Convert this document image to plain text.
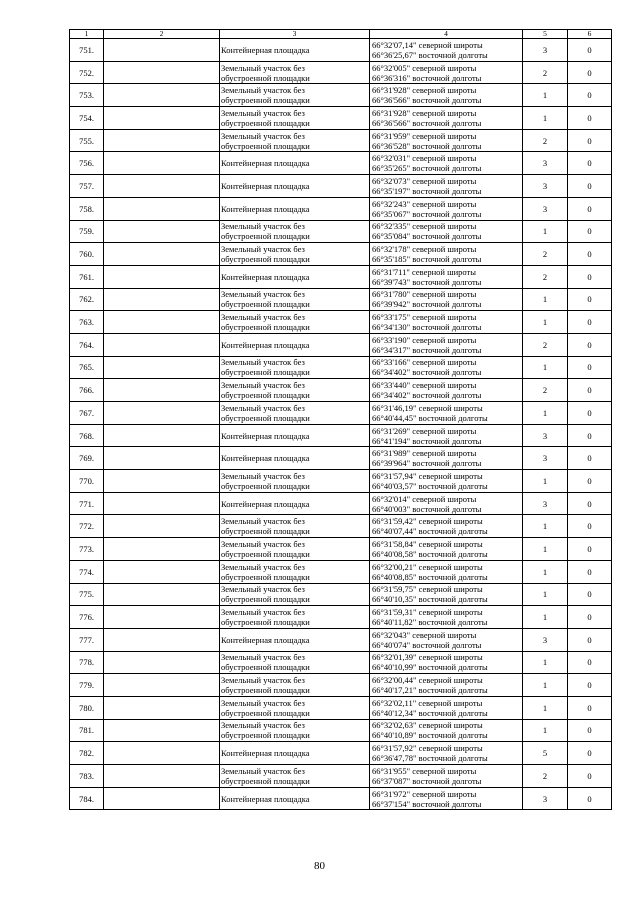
1	2	3	4	5	6
751.		Контейнерная площадка	66°32'07,14" северной широты
66°36'25,67" восточной долготы	3	0
752.		Земельный участок без
обустроенной площадки	66°32'005" северной широты
66°36'316" восточной долготы	2	0
753.		Земельный участок без
обустроенной площадки	66°31'928" северной широты
66°36'566" восточной долготы	1	0
754.		Земельный участок без
обустроенной площадки	66°31'928" северной широты
66°36'566" восточной долготы	1	0
755.		Земельный участок без
обустроенной площадки	66°31'959" северной широты
66°36'528" восточной долготы	2	0
756.		Контейнерная площадка	66°32'031" северной широты
66°35'265" восточной долготы	3	0
757.		Контейнерная площадка	66°32'073" северной широты
66°35'197" восточной долготы	3	0
758.		Контейнерная площадка	66°32'243" северной широты
66°35'067" восточной долготы	3	0
759.		Земельный участок без
обустроенной площадки	66°32'335" северной широты
66°35'084" восточной долготы	1	0
760.		Земельный участок без
обустроенной площадки	66°32'178" северной широты
66°35'185" восточной долготы	2	0
761.		Контейнерная площадка	66°31'711" северной широты
66°39'743" восточной долготы	2	0
762.		Земельный участок без
обустроенной площадки	66°31'780" северной широты
66°39'942" восточной долготы	1	0
763.		Земельный участок без
обустроенной площадки	66°33'175" северной широты
66°34'130" восточной долготы	1	0
764.		Контейнерная площадка	66°33'190" северной широты
66°34'317" восточной долготы	2	0
765.		Земельный участок без
обустроенной площадки	66°33'166" северной широты
66°34'402" восточной долготы	1	0
766.		Земельный участок без
обустроенной площадки	66°33'440" северной широты
66°34'402" восточной долготы	2	0
767.		Земельный участок без
обустроенной площадки	66°31'46,19" северной широты
66°40'44,45" восточной долготы	1	0
768.		Контейнерная площадка	66°31'269" северной широты
66°41'194" восточной долготы	3	0
769.		Контейнерная площадка	66°31'989" северной широты
66°39'964" восточной долготы	3	0
770.		Земельный участок без
обустроенной площадки	66°31'57,94" северной широты
66°40'03,57" восточной долготы	1	0
771.		Контейнерная площадка	66°32'014" северной широты
66°40'003" восточной долготы	3	0
772.		Земельный участок без
обустроенной площадки	66°31'59,42" северной широты
66°40'07,44" восточной долготы	1	0
773.		Земельный участок без
обустроенной площадки	66°31'58,84" северной широты
66°40'08,58" восточной долготы	1	0
774.		Земельный участок без
обустроенной площадки	66°32'00,21" северной широты
66°40'08,85" восточной долготы	1	0
775.		Земельный участок без
обустроенной площадки	66°31'59,75" северной широты
66°40'10,35" восточной долготы	1	0
776.		Земельный участок без
обустроенной площадки	66°31'59,31" северной широты
66°40'11,82" восточной долготы	1	0
777.		Контейнерная площадка	66°32'043" северной широты
66°40'074" восточной долготы	3	0
778.		Земельный участок без
обустроенной площадки	66°32'01,39" северной широты
66°40'10,99" восточной долготы	1	0
779.		Земельный участок без
обустроенной площадки	66°32'00,44" северной широты
66°40'17,21" восточной долготы	1	0
780.		Земельный участок без
обустроенной площадки	66°32'02,11" северной широты
66°40'12,34" восточной долготы	1	0
781.		Земельный участок без
обустроенной площадки	66°32'02,63" северной широты
66°40'10,89" восточной долготы	1	0
782.		Контейнерная площадка	66°31'57,92" северной широты
66°36'47,78" восточной долготы	5	0
783.		Земельный участок без
обустроенной площадки	66°31'955" северной широты
66°37'087" восточной долготы	2	0
784.		Контейнерная площадка	66°31'972" северной широты
66°37'154" восточной долготы	3	0
80
